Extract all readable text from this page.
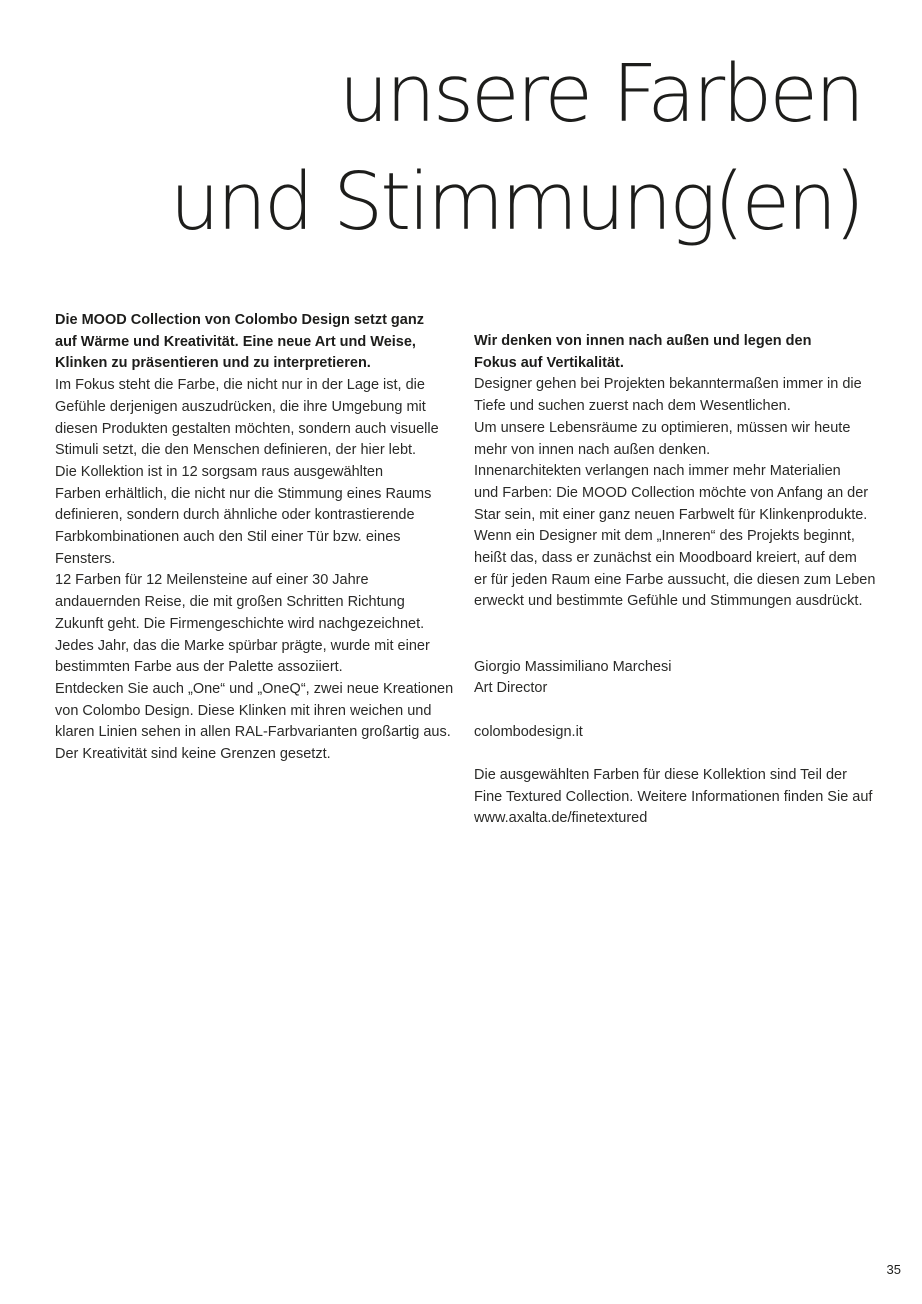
unsere Farben
und Stimmung(en)

Die MOOD Collection von Colombo Design setzt ganz

auf Wärme und Kreativität. Eine neue Art und Weise,

Klinken zu präsentieren und zu interpretieren.

Im Fokus steht die Farbe, die nicht nur in der Lage ist, die

Gefühle derjenigen auszudrücken, die ihre Umgebung mit

diesen Produkten gestalten möchten, sondern auch visuelle

Stimuli setzt, die den Menschen definieren, der hier lebt.

Die Kollektion ist in 12 sorgsam raus ausgewählten

Farben erhältlich, die nicht nur die Stimmung eines Raums

definieren, sondern durch ähnliche oder kontrastierende

Farbkombinationen auch den Stil einer Tür bzw. eines

Fensters.

12 Farben für 12 Meilensteine auf einer 30 Jahre

andauernden Reise, die mit großen Schritten Richtung

Zukunft geht. Die Firmengeschichte wird nachgezeichnet.

Jedes Jahr, das die Marke spürbar prägte, wurde mit einer

bestimmten Farbe aus der Palette assoziiert.

Entdecken Sie auch „One“ und „OneQ“, zwei neue Kreationen

von Colombo Design. Diese Klinken mit ihren weichen und

klaren Linien sehen in allen RAL-Farbvarianten großartig aus.

Der Kreativität sind keine Grenzen gesetzt.

Wir denken von innen nach außen und legen den

Fokus auf Vertikalität.

Designer gehen bei Projekten bekanntermaßen immer in die

Tiefe und suchen zuerst nach dem Wesentlichen.

Um unsere Lebensräume zu optimieren, müssen wir heute

mehr von innen nach außen denken.

Innenarchitekten verlangen nach immer mehr Materialien

und Farben: Die MOOD Collection möchte von Anfang an der

Star sein, mit einer ganz neuen Farbwelt für Klinkenprodukte.

Wenn ein Designer mit dem „Inneren“ des Projekts beginnt,

heißt das, dass er zunächst ein Moodboard kreiert, auf dem

er für jeden Raum eine Farbe aussucht, die diesen zum Leben

erweckt und bestimmte Gefühle und Stimmungen ausdrückt.

Giorgio Massimiliano Marchesi

Art Director

colombodesign.it

Die ausgewählten Farben für diese Kollektion sind Teil der

Fine Textured Collection. Weitere Informationen finden Sie auf

www.axalta.de/finetextured

35
